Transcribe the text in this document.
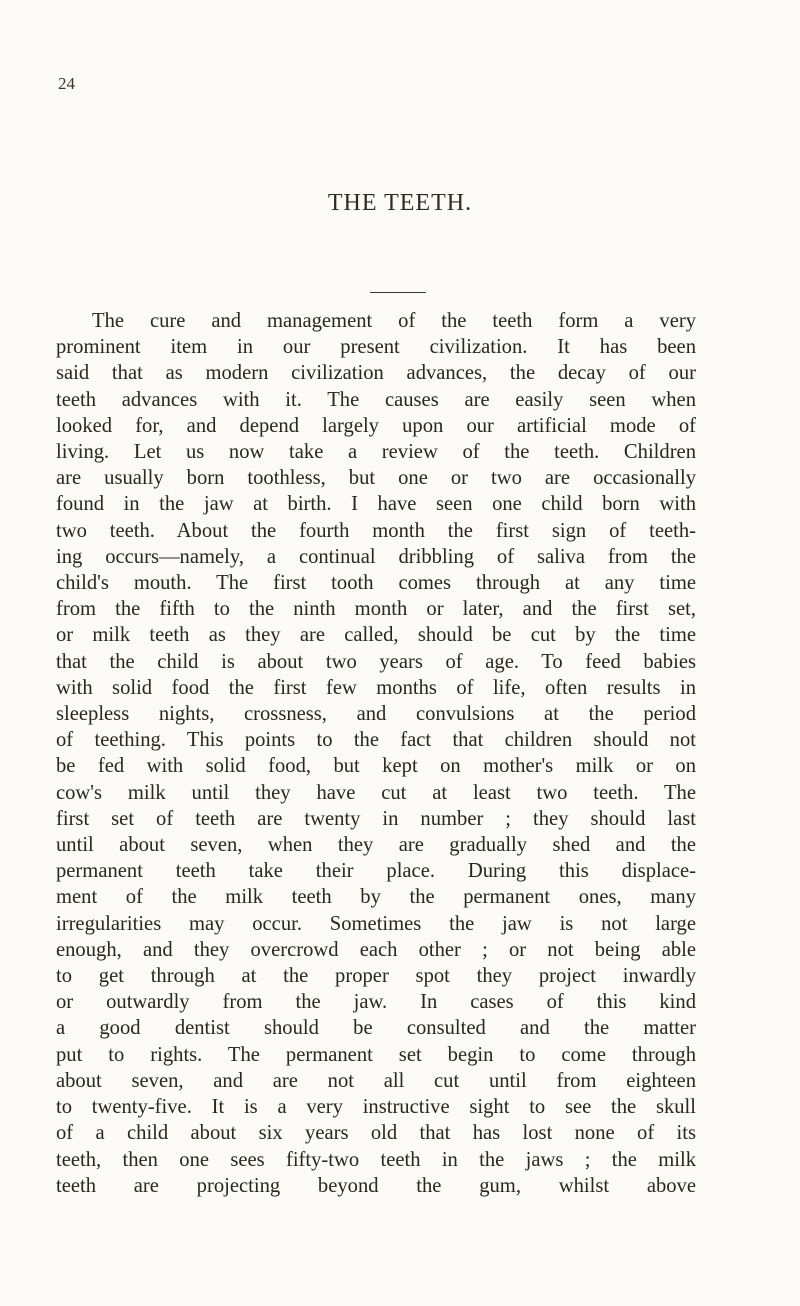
24
THE TEETH.
The cure and management of the teeth form a very
prominent item in our present civilization. It has been
said that as modern civilization advances, the decay of our
teeth advances with it. The causes are easily seen when
looked for, and depend largely upon our artificial mode of
living. Let us now take a review of the teeth. Children
are usually born toothless, but one or two are occasionally
found in the jaw at birth. I have seen one child born with
two teeth. About the fourth month the first sign of teeth-
ing occurs—namely, a continual dribbling of saliva from the
child's mouth. The first tooth comes through at any time
from the fifth to the ninth month or later, and the first set,
or milk teeth as they are called, should be cut by the time
that the child is about two years of age. To feed babies
with solid food the first few months of life, often results in
sleepless nights, crossness, and convulsions at the period
of teething. This points to the fact that children should not
be fed with solid food, but kept on mother's milk or on
cow's milk until they have cut at least two teeth. The
first set of teeth are twenty in number ; they should last
until about seven, when they are gradually shed and the
permanent teeth take their place. During this displace-
ment of the milk teeth by the permanent ones, many
irregularities may occur. Sometimes the jaw is not large
enough, and they overcrowd each other ; or not being able
to get through at the proper spot they project inwardly
or outwardly from the jaw. In cases of this kind
a good dentist should be consulted and the matter
put to rights. The permanent set begin to come through
about seven, and are not all cut until from eighteen
to twenty-five. It is a very instructive sight to see the skull
of a child about six years old that has lost none of its
teeth, then one sees fifty-two teeth in the jaws ; the milk
teeth are projecting beyond the gum, whilst above
